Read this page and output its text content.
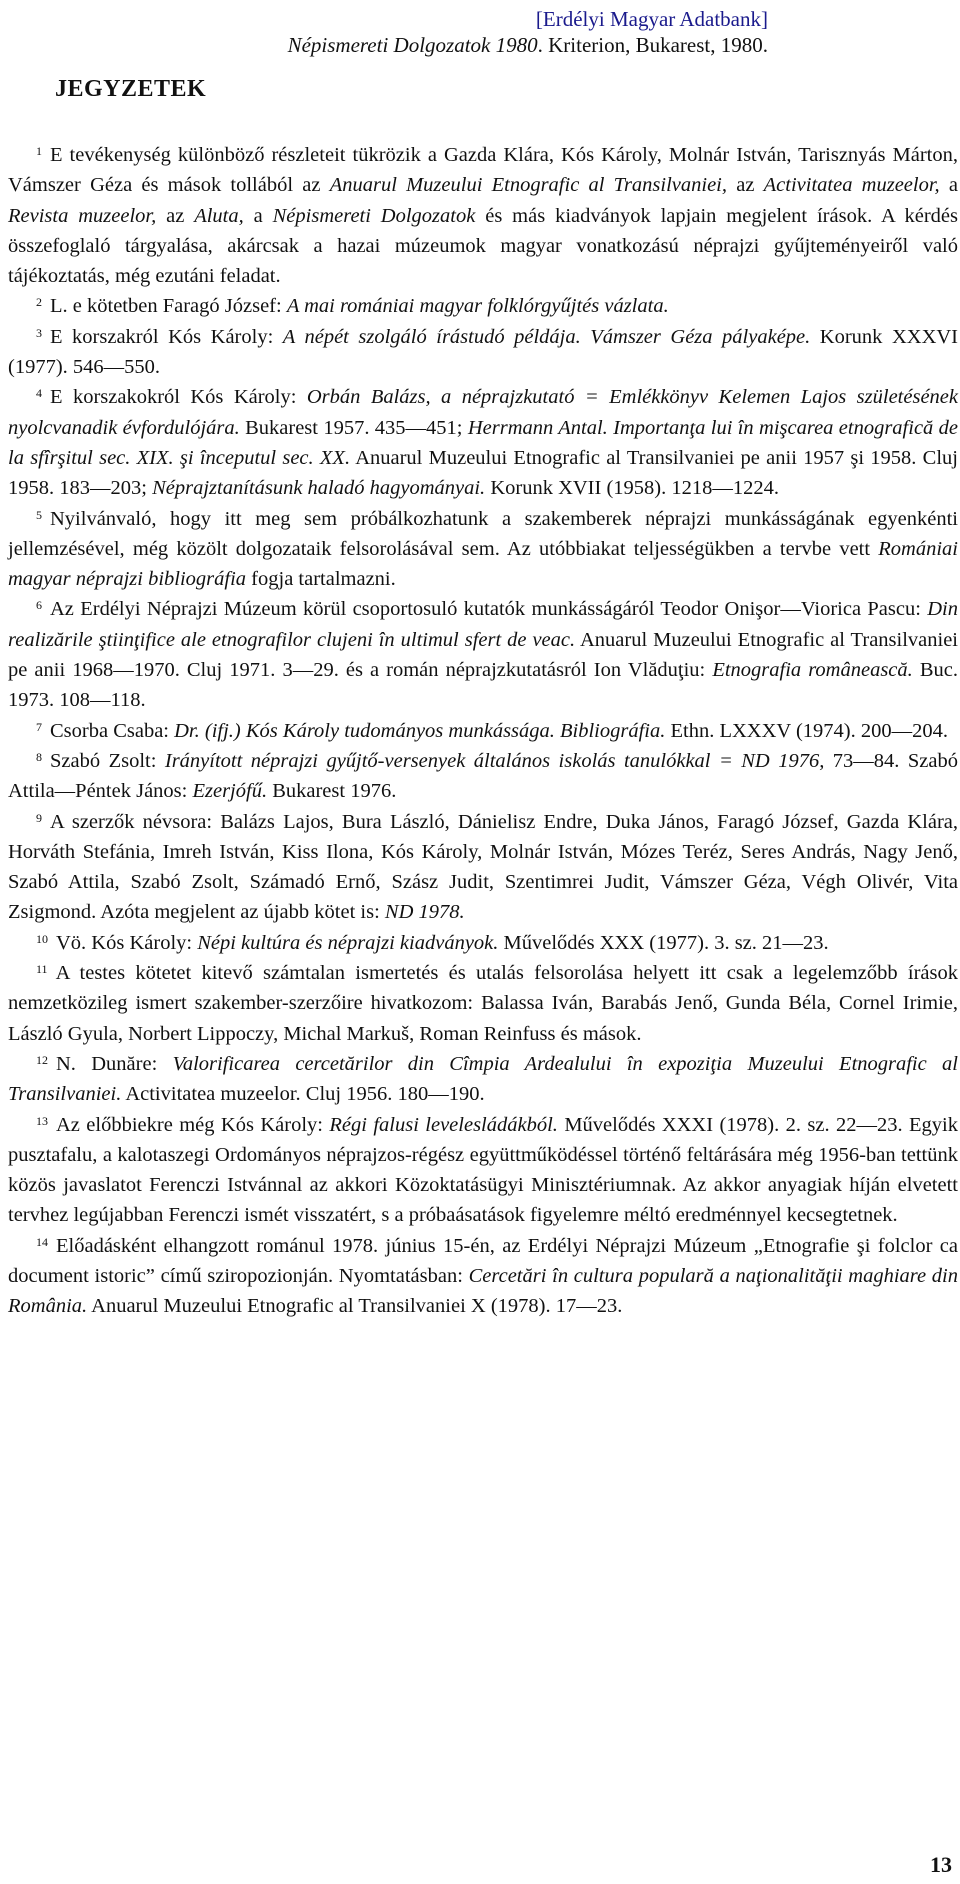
[Erdélyi Magyar Adatbank]
Népismereti Dolgozatok 1980. Kriterion, Bukarest, 1980.
JEGYZETEK

$^1$ E tevékenység különböző részleteit tükrözik a Gazda Klára, Kós Károly, Molnár István, Tarisznyás Márton, Vámszer Géza és mások tollából az Anuarul Muzeului Etnografic al Transilvaniei, az Activitatea muzeelor, a Revista muzeelor, az Aluta, a Népismereti Dolgozatok és más kiadványok lapjain megjelent írások. A kérdés összefoglaló tárgyalása, akárcsak a hazai múzeumok magyar vonatkozású néprajzi gyűjteményeiről való tájékoztatás, még ezutáni feladat.

$^2$ L. e kötetben Faragó József: A mai romániai magyar folklórgyűjtés vázlata.

$^3$ E korszakról Kós Károly: A népét szolgáló írástudó példája. Vámszer Géza pályaképe. Korunk XXXVI (1977). 546—550.

$^4$ E korszakokról Kós Károly: Orbán Balázs, a néprajzkutató = Emlékkönyv Kelemen Lajos születésének nyolcvanadik évfordulójára. Bukarest 1957. 435—451; Herrmann Antal. Importanţa lui în mişcarea etnografică de la sfîrşitul sec. XIX. şi începutul sec. XX. Anuarul Muzeului Etnografic al Transilvaniei pe anii 1957 şi 1958. Cluj 1958. 183—203; Néprajztanításunk haladó hagyományai. Korunk XVII (1958). 1218—1224.

$^5$ Nyilvánvaló, hogy itt meg sem próbálkozhatunk a szakemberek néprajzi munkásságának egyenkénti jellemzésével, még közölt dolgozataik felsorolásával sem. Az utóbbiakat teljességükben a tervbe vett Romániai magyar néprajzi bibliográfia fogja tartalmazni.

$^6$ Az Erdélyi Néprajzi Múzeum körül csoportosuló kutatók munkásságáról Teodor Onişor—Viorica Pascu: Din realizările ştiinţifice ale etnografilor clujeni în ultimul sfert de veac. Anuarul Muzeului Etnografic al Transilvaniei pe anii 1968—1970. Cluj 1971. 3—29. és a román néprajzkutatásról Ion Vlăduţiu: Etnografia românească. Buc. 1973. 108—118.

$^7$ Csorba Csaba: Dr. (ifj.) Kós Károly tudományos munkássága. Bibliográfia. Ethn. LXXXV (1974). 200—204.

$^8$ Szabó Zsolt: Irányított néprajzi gyűjtő-versenyek általános iskolás tanulókkal = ND 1976, 73—84. Szabó Attila—Péntek János: Ezerjófű. Bukarest 1976.

$^9$ A szerzők névsora: Balázs Lajos, Bura László, Dánielisz Endre, Duka János, Faragó József, Gazda Klára, Horváth Stefánia, Imreh István, Kiss Ilona, Kós Károly, Molnár István, Mózes Teréz, Seres András, Nagy Jenő, Szabó Attila, Szabó Zsolt, Számadó Ernő, Szász Judit, Szentimrei Judit, Vámszer Géza, Végh Olivér, Vita Zsigmond. Azóta megjelent az újabb kötet is: ND 1978.

$^{10}$ Vö. Kós Károly: Népi kultúra és néprajzi kiadványok. Művelődés XXX (1977). 3. sz. 21—23.

$^{11}$ A testes kötetet kitevő számtalan ismertetés és utalás felsorolása helyett itt csak a legelemzőbb írások nemzetközileg ismert szakember-szerzőire hivatkozom: Balassa Iván, Barabás Jenő, Gunda Béla, Cornel Irimie, László Gyula, Norbert Lippoczy, Michal Markuš, Roman Reinfuss és mások.

$^{12}$ N. Dunăre: Valorificarea cercetărilor din Cîmpia Ardealului în expoziţia Muzeului Etnografic al Transilvaniei. Activitatea muzeelor. Cluj 1956. 180—190.

$^{13}$ Az előbbiekre még Kós Károly: Régi falusi levelesládákból. Művelődés XXXI (1978). 2. sz. 22—23. Egyik pusztafalu, a kalotaszegi Ordományos néprajzos-régész együttműködéssel történő feltárására még 1956-ban tettünk közös javaslatot Ferenczi Istvánnal az akkori Közoktatásügyi Minisztériumnak. Az akkor anyagiak híján elvetett tervhez legújabban Ferenczi ismét visszatért, s a próbaásatások figyelemre méltó eredménnyel kecsegtetnek.

$^{14}$ Előadásként elhangzott románul 1978. június 15-én, az Erdélyi Néprajzi Múzeum „Etnografie şi folclor ca document istoric” című sziropozionján. Nyomtatásban: Cercetări în cultura populară a naţionalităţii maghiare din România. Anuarul Muzeului Etnografic al Transilvaniei X (1978). 17—23.

13
